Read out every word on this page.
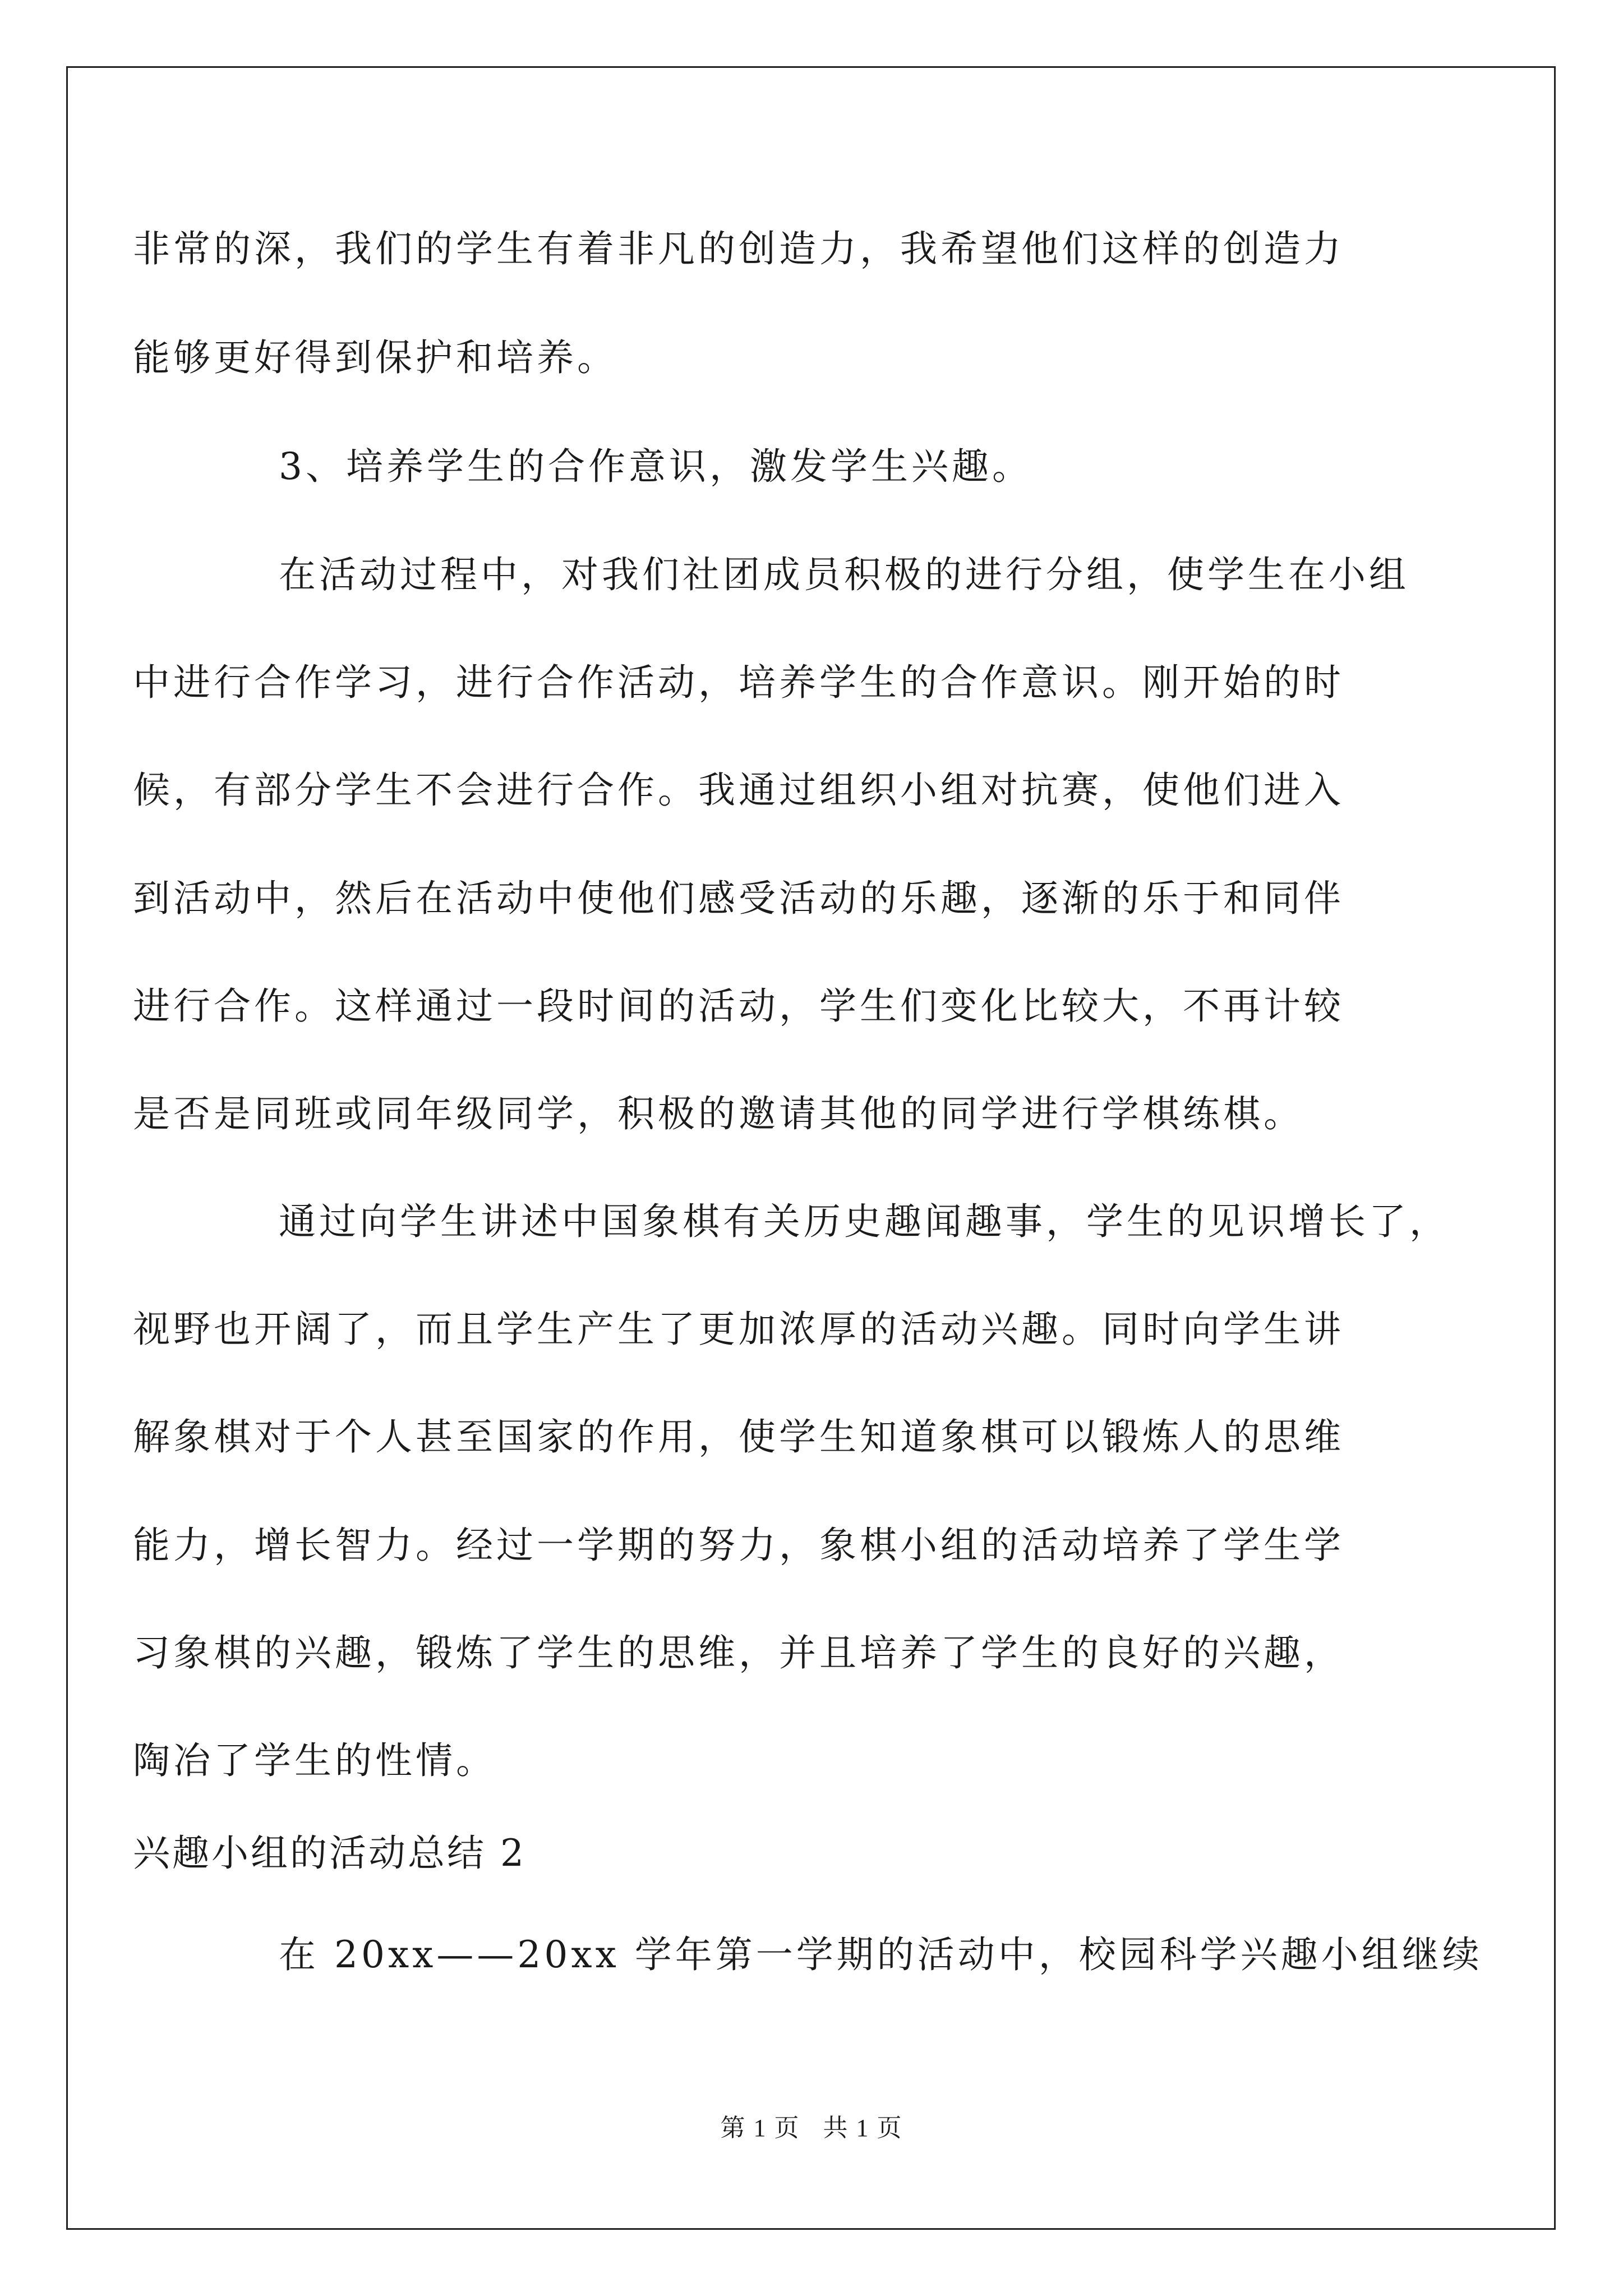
非常的深，我们的学生有着非凡的创造力，我希望他们这样的创造力
能够更好得到保护和培养。
3、培养学生的合作意识，激发学生兴趣。
在活动过程中，对我们社团成员积极的进行分组，使学生在小组
中进行合作学习，进行合作活动，培养学生的合作意识。刚开始的时
候，有部分学生不会进行合作。我通过组织小组对抗赛，使他们进入
到活动中，然后在活动中使他们感受活动的乐趣，逐渐的乐于和同伴
进行合作。这样通过一段时间的活动，学生们变化比较大，不再计较
是否是同班或同年级同学，积极的邀请其他的同学进行学棋练棋。
通过向学生讲述中国象棋有关历史趣闻趣事，学生的见识增长了，
视野也开阔了，而且学生产生了更加浓厚的活动兴趣。同时向学生讲
解象棋对于个人甚至国家的作用，使学生知道象棋可以锻炼人的思维
能力，增长智力。经过一学期的努力，象棋小组的活动培养了学生学
习象棋的兴趣，锻炼了学生的思维，并且培养了学生的良好的兴趣，
陶冶了学生的性情。
兴趣小组的活动总结 2
在 20xx——20xx 学年第一学期的活动中，校园科学兴趣小组继续
第 1 页 共 1 页
